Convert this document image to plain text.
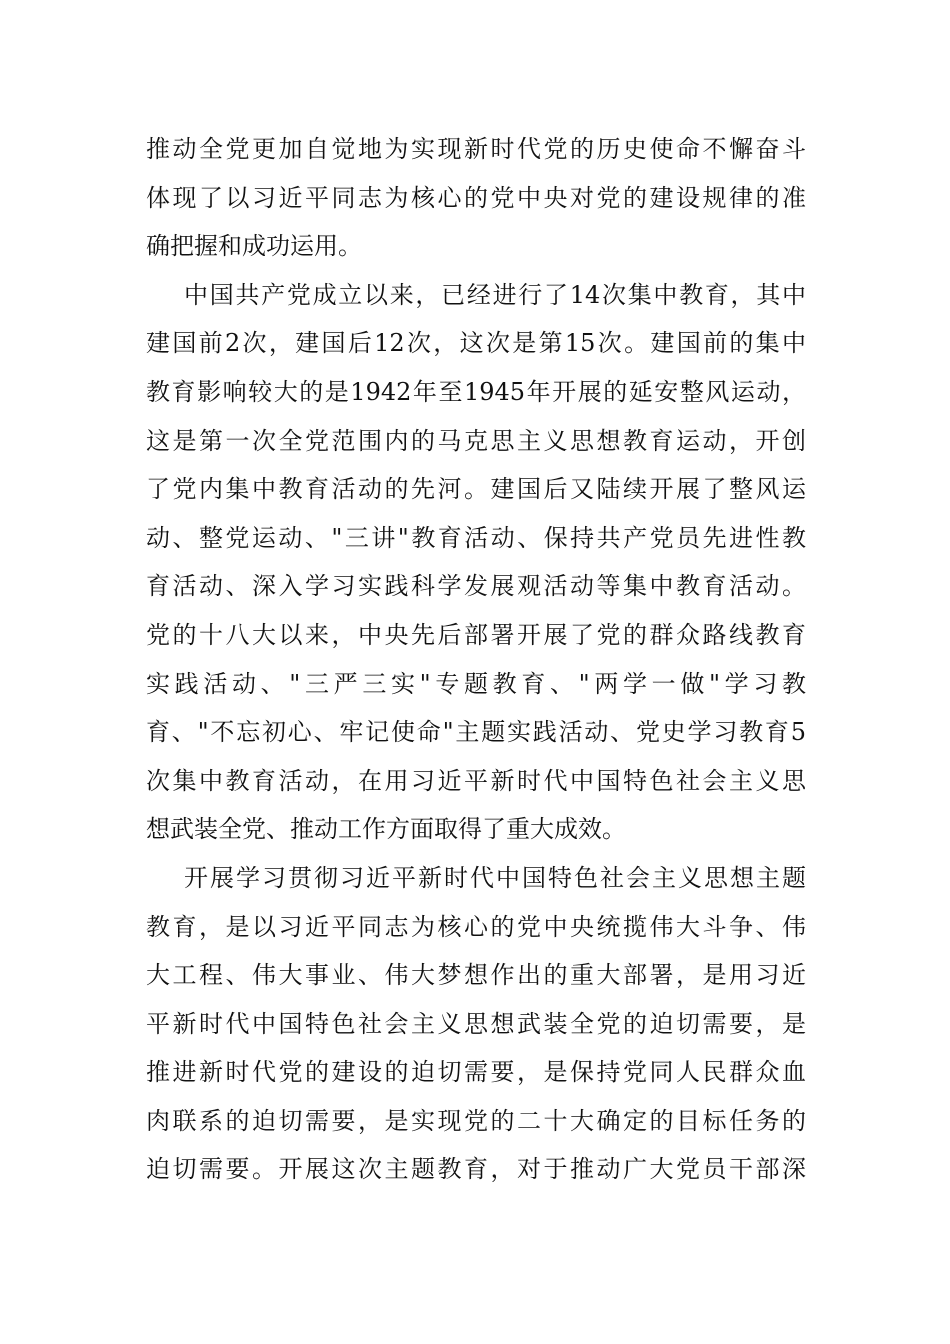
推动全党更加自觉地为实现新时代党的历史使命不懈奋斗
体现了以习近平同志为核心的党中央对党的建设规律的准
确把握和成功运用。
中国共产党成立以来，已经进行了14次集中教育，其中
建国前2次，建国后12次，这次是第15次。建国前的集中
教育影响较大的是1942年至1945年开展的延安整风运动，
这是第一次全党范围内的马克思主义思想教育运动，开创
了党内集中教育活动的先河。建国后又陆续开展了整风运
动、整党运动、"三讲"教育活动、保持共产党员先进性教
育活动、深入学习实践科学发展观活动等集中教育活动。
党的十八大以来，中央先后部署开展了党的群众路线教育
实践活动、"三严三实"专题教育、"两学一做"学习教
育、"不忘初心、牢记使命"主题实践活动、党史学习教育5
次集中教育活动，在用习近平新时代中国特色社会主义思
想武装全党、推动工作方面取得了重大成效。
开展学习贯彻习近平新时代中国特色社会主义思想主题
教育，是以习近平同志为核心的党中央统揽伟大斗争、伟
大工程、伟大事业、伟大梦想作出的重大部署，是用习近
平新时代中国特色社会主义思想武装全党的迫切需要，是
推进新时代党的建设的迫切需要，是保持党同人民群众血
肉联系的迫切需要，是实现党的二十大确定的目标任务的
迫切需要。开展这次主题教育，对于推动广大党员干部深
